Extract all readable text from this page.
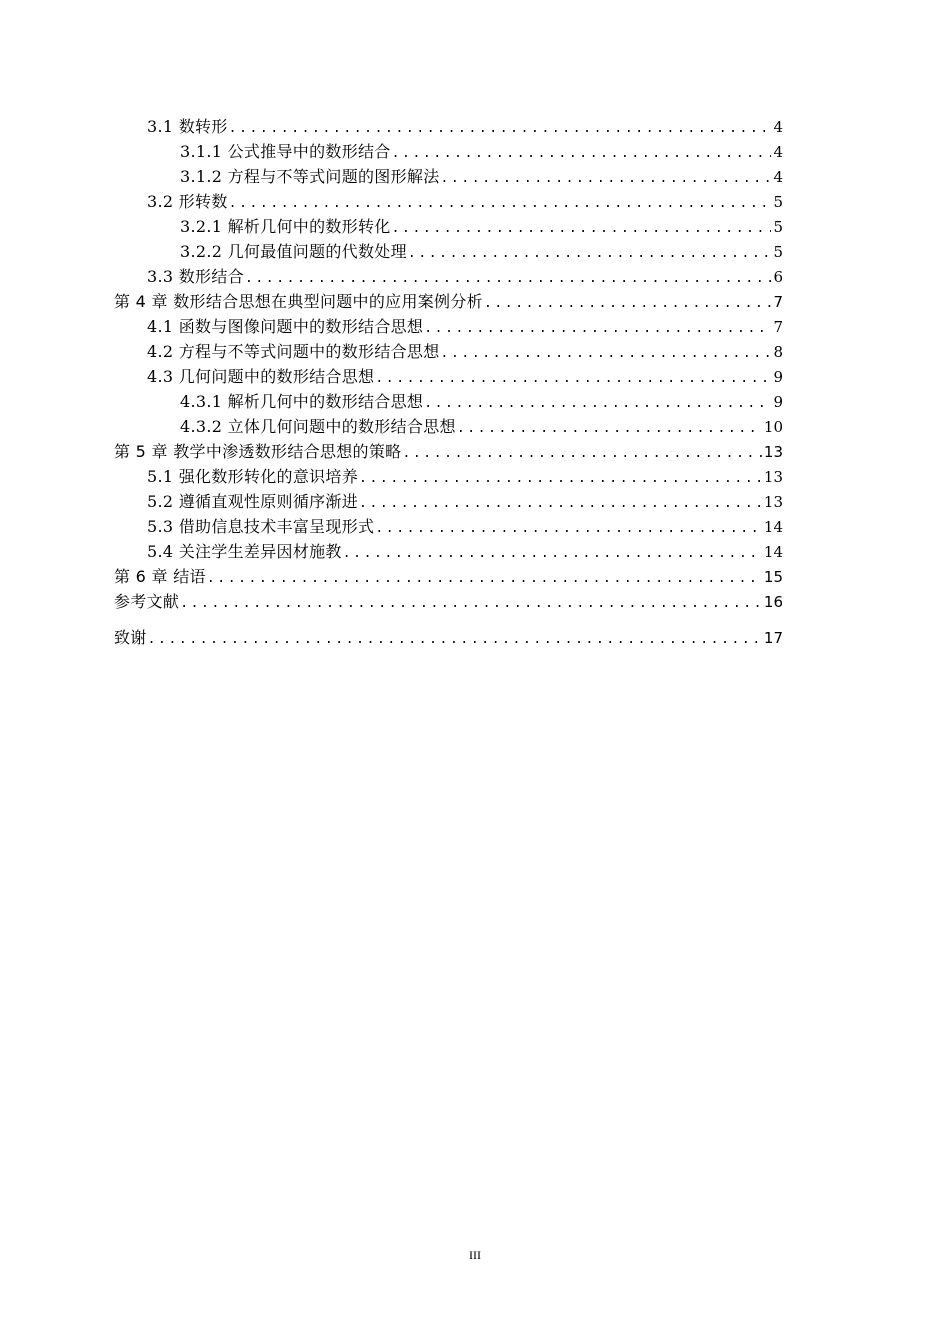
3.1 数转形 .....	4
3.1.1 公式推导中的数形结合 .....	4
3.1.2 方程与不等式问题的图形解法 .....	4
3.2 形转数 .....	5
3.2.1 解析几何中的数形转化 .....	5
3.2.2 几何最值问题的代数处理 .....	5
3.3 数形结合 .....	6
第 4 章 数形结合思想在典型问题中的应用案例分析 .....	7
4.1 函数与图像问题中的数形结合思想 .....	7
4.2 方程与不等式问题中的数形结合思想 .....	8
4.3 几何问题中的数形结合思想 .....	9
4.3.1 解析几何中的数形结合思想 .....	9
4.3.2 立体几何问题中的数形结合思想 .....	10
第 5 章 教学中渗透数形结合思想的策略 .....	13
5.1 强化数形转化的意识培养 .....	13
5.2 遵循直观性原则循序渐进 .....	13
5.3 借助信息技术丰富呈现形式 .....	14
5.4 关注学生差异因材施教 .....	14
第 6 章 结语 .....	15
参考文献 .....	16
致谢 .....	17
III
